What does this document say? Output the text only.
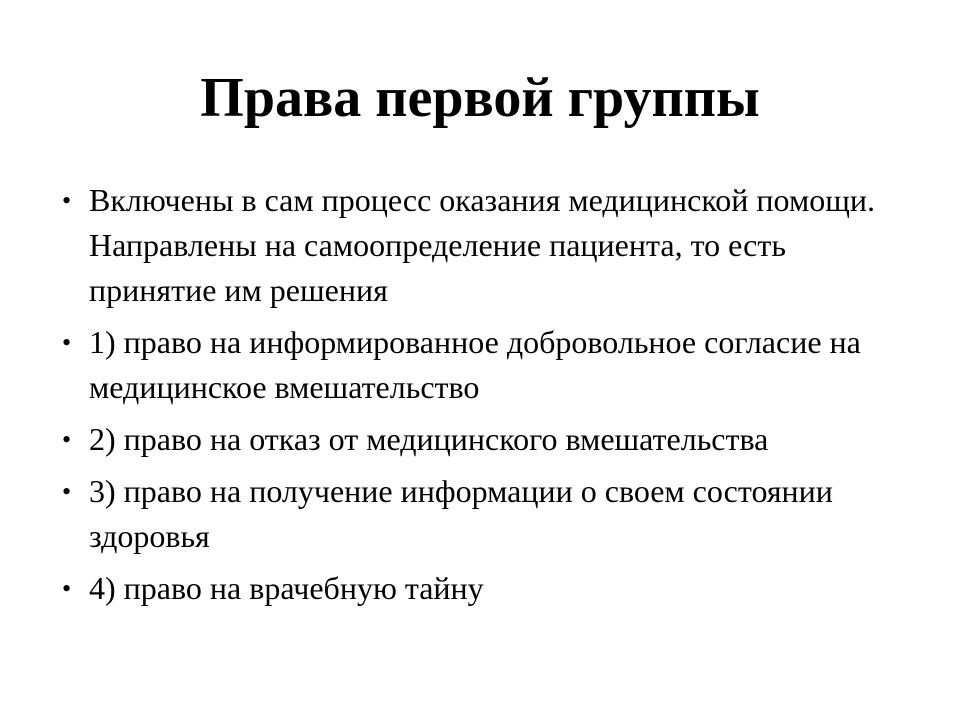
Права первой группы
• Включены в сам процесс оказания медицинской помощи. Направлены на самоопределение пациента, то есть принятие им решения
• 1) право на информированное добровольное согласие на медицинское вмешательство
• 2) право на отказ от медицинского вмешательства
• 3) право на получение информации о своем состоянии здоровья
• 4) право на врачебную тайну
